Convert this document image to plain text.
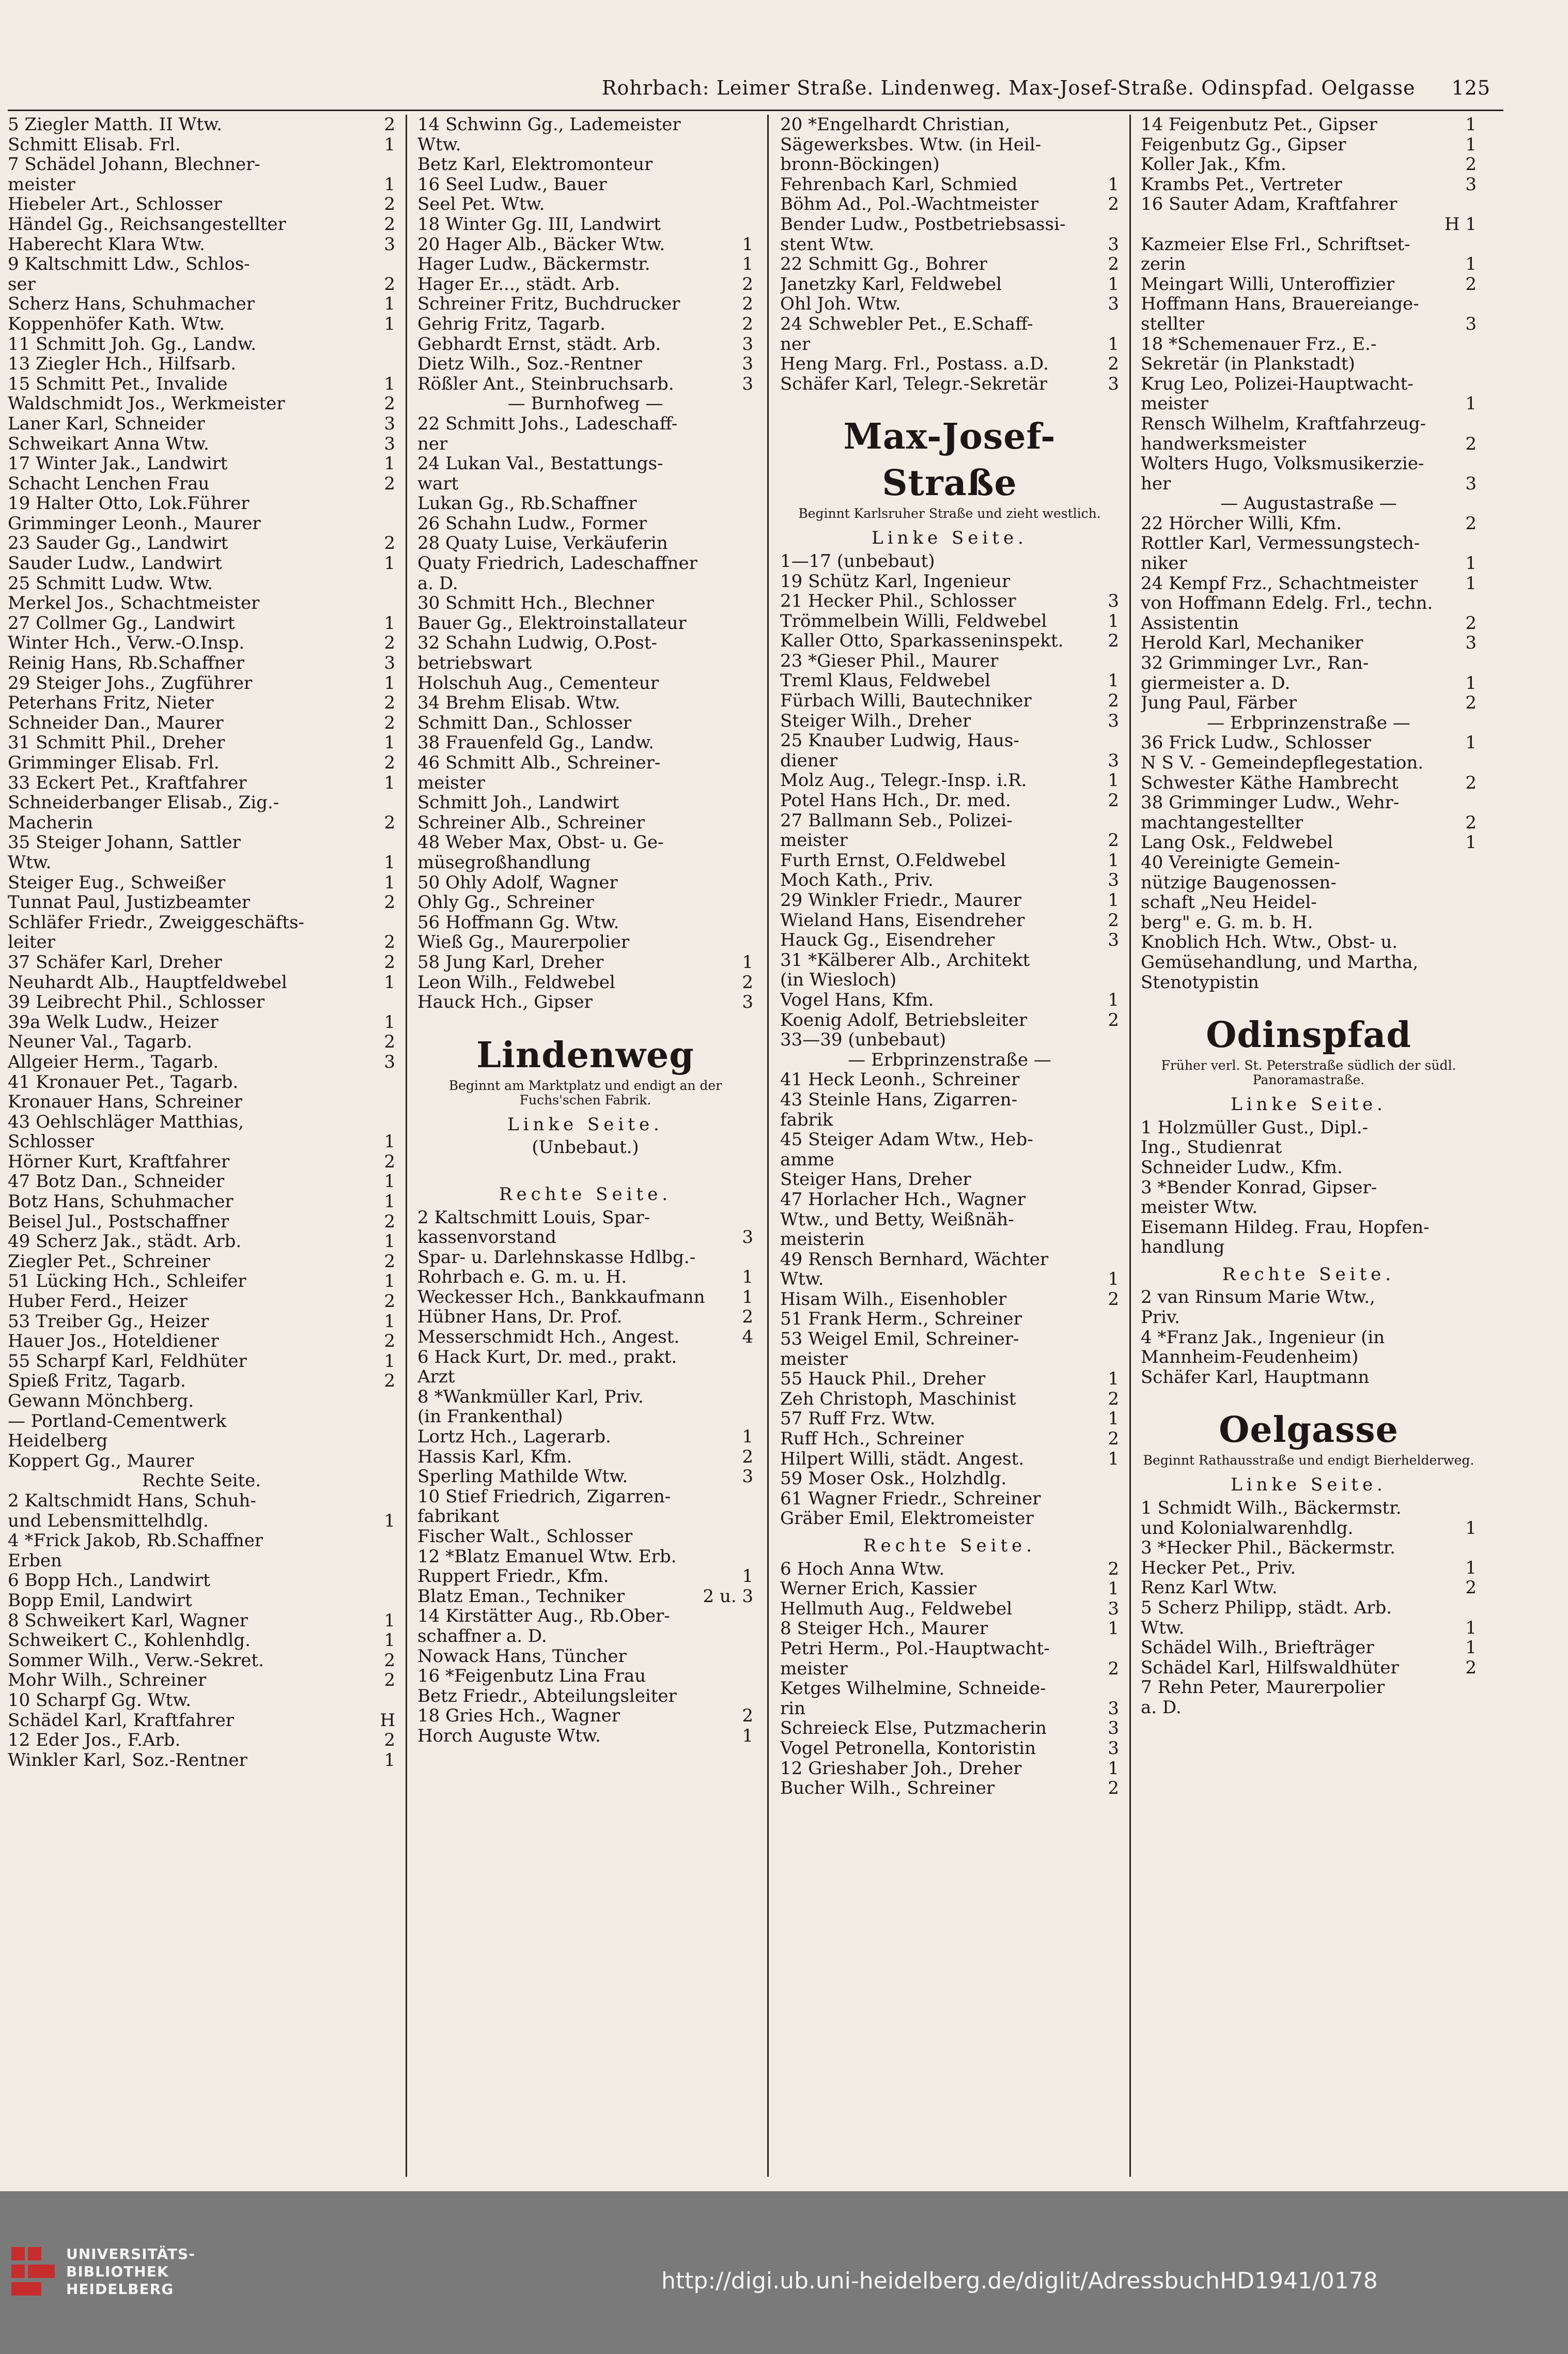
Rohrbach: Leimer Straße. Lindenweg. Max-Josef-Straße. Odinspfad. Oelgasse 125
2
5 Ziegler Matth. II Wtw.
1
Schmitt Elisab. Frl.
7 Schädel Johann, Blechner-
1
meister
2
Hiebeler Art., Schlosser
2
Händel Gg., Reichsangestellter
3
Haberecht Klara Wtw.
9 Kaltschmitt Ldw., Schlos-
2
ser
1
Scherz Hans, Schuhmacher
1
Koppenhöfer Kath. Wtw.
11 Schmitt Joh. Gg., Landw.
13 Ziegler Hch., Hilfsarb.
1
15 Schmitt Pet., Invalide
2
Waldschmidt Jos., Werkmeister
3
Laner Karl, Schneider
3
Schweikart Anna Wtw.
1
17 Winter Jak., Landwirt
2
Schacht Lenchen Frau
19 Halter Otto, Lok.Führer
Grimminger Leonh., Maurer
2
23 Sauder Gg., Landwirt
1
Sauder Ludw., Landwirt
25 Schmitt Ludw. Wtw.
Merkel Jos., Schachtmeister
1
27 Collmer Gg., Landwirt
2
Winter Hch., Verw.-O.Insp.
3
Reinig Hans, Rb.Schaffner
1
29 Steiger Johs., Zugführer
2
Peterhans Fritz, Nieter
2
Schneider Dan., Maurer
1
31 Schmitt Phil., Dreher
2
Grimminger Elisab. Frl.
1
33 Eckert Pet., Kraftfahrer
Schneiderbanger Elisab., Zig.-
2
Macherin
35 Steiger Johann, Sattler
1
Wtw.
1
Steiger Eug., Schweißer
2
Tunnat Paul, Justizbeamter
Schläfer Friedr., Zweiggeschäfts-
2
leiter
2
37 Schäfer Karl, Dreher
1
Neuhardt Alb., Hauptfeldwebel
39 Leibrecht Phil., Schlosser
1
39a Welk Ludw., Heizer
2
Neuner Val., Tagarb.
3
Allgeier Herm., Tagarb.
41 Kronauer Pet., Tagarb.
Kronauer Hans, Schreiner
43 Oehlschläger Matthias,
1
Schlosser
2
Hörner Kurt, Kraftfahrer
1
47 Botz Dan., Schneider
1
Botz Hans, Schuhmacher
2
Beisel Jul., Postschaffner
1
49 Scherz Jak., städt. Arb.
2
Ziegler Pet., Schreiner
1
51 Lücking Hch., Schleifer
2
Huber Ferd., Heizer
1
53 Treiber Gg., Heizer
2
Hauer Jos., Hoteldiener
1
55 Scharpf Karl, Feldhüter
2
Spieß Fritz, Tagarb.
Gewann Mönchberg.
— Portland-Cementwerk
Heidelberg
Koppert Gg., Maurer
Rechte Seite.
2 Kaltschmidt Hans, Schuh-
1
und Lebensmittelhdlg.
4 *Frick Jakob, Rb.Schaffner
Erben
6 Bopp Hch., Landwirt
Bopp Emil, Landwirt
1
8 Schweikert Karl, Wagner
1
Schweikert C., Kohlenhdlg.
2
Sommer Wilh., Verw.-Sekret.
2
Mohr Wilh., Schreiner
10 Scharpf Gg. Wtw.
H
Schädel Karl, Kraftfahrer
2
12 Eder Jos., F.Arb.
1
Winkler Karl, Soz.-Rentner
14 Schwinn Gg., Lademeister
Wtw.
Betz Karl, Elektromonteur
16 Seel Ludw., Bauer
Seel Pet. Wtw.
18 Winter Gg. III, Landwirt
1
20 Hager Alb., Bäcker Wtw.
1
Hager Ludw., Bäckermstr.
2
Hager Er..., städt. Arb.
2
Schreiner Fritz, Buchdrucker
2
Gehrig Fritz, Tagarb.
3
Gebhardt Ernst, städt. Arb.
3
Dietz Wilh., Soz.-Rentner
3
Rößler Ant., Steinbruchsarb.
— Burnhofweg —
22 Schmitt Johs., Ladeschaff-
ner
24 Lukan Val., Bestattungs-
wart
Lukan Gg., Rb.Schaffner
26 Schahn Ludw., Former
28 Quaty Luise, Verkäuferin
Quaty Friedrich, Ladeschaffner
a. D.
30 Schmitt Hch., Blechner
Bauer Gg., Elektroinstallateur
32 Schahn Ludwig, O.Post-
betriebswart
Holschuh Aug., Cementeur
34 Brehm Elisab. Wtw.
Schmitt Dan., Schlosser
38 Frauenfeld Gg., Landw.
46 Schmitt Alb., Schreiner-
meister
Schmitt Joh., Landwirt
Schreiner Alb., Schreiner
48 Weber Max, Obst- u. Ge-
müsegroßhandlung
50 Ohly Adolf, Wagner
Ohly Gg., Schreiner
56 Hoffmann Gg. Wtw.
Wieß Gg., Maurerpolier
1
58 Jung Karl, Dreher
2
Leon Wilh., Feldwebel
3
Hauck Hch., Gipser
Lindenweg
Beginnt am Marktplatz und endigt an der Fuchs'schen Fabrik.
Linke Seite.
(Unbebaut.)
Rechte Seite.
2 Kaltschmitt Louis, Spar-
3
kassenvorstand
Spar- u. Darlehnskasse Hdlbg.-
1
Rohrbach e. G. m. u. H.
1
Weckesser Hch., Bankkaufmann
2
Hübner Hans, Dr. Prof.
4
Messerschmidt Hch., Angest.
6 Hack Kurt, Dr. med., prakt.
Arzt
8 *Wankmüller Karl, Priv.
(in Frankenthal)
1
Lortz Hch., Lagerarb.
2
Hassis Karl, Kfm.
3
Sperling Mathilde Wtw.
10 Stief Friedrich, Zigarren-
fabrikant
Fischer Walt., Schlosser
12 *Blatz Emanuel Wtw. Erb.
1
Ruppert Friedr., Kfm.
2 u. 3
Blatz Eman., Techniker
14 Kirstätter Aug., Rb.Ober-
schaffner a. D.
Nowack Hans, Tüncher
16 *Feigenbutz Lina Frau
Betz Friedr., Abteilungsleiter
2
18 Gries Hch., Wagner
1
Horch Auguste Wtw.
20 *Engelhardt Christian,
Sägewerksbes. Wtw. (in Heil-
bronn-Böckingen)
1
Fehrenbach Karl, Schmied
2
Böhm Ad., Pol.-Wachtmeister
Bender Ludw., Postbetriebsassi-
3
stent Wtw.
2
22 Schmitt Gg., Bohrer
1
Janetzky Karl, Feldwebel
3
Ohl Joh. Wtw.
24 Schwebler Pet., E.Schaff-
1
ner
2
Heng Marg. Frl., Postass. a.D.
3
Schäfer Karl, Telegr.-Sekretär
Max-Josef-Straße
Beginnt Karlsruher Straße und zieht westlich.
Linke Seite.
1—17 (unbebaut)
19 Schütz Karl, Ingenieur
3
21 Hecker Phil., Schlosser
1
Trömmelbein Willi, Feldwebel
2
Kaller Otto, Sparkasseninspekt.
23 *Gieser Phil., Maurer
1
Treml Klaus, Feldwebel
2
Fürbach Willi, Bautechniker
3
Steiger Wilh., Dreher
25 Knauber Ludwig, Haus-
3
diener
1
Molz Aug., Telegr.-Insp. i.R.
2
Potel Hans Hch., Dr. med.
27 Ballmann Seb., Polizei-
2
meister
1
Furth Ernst, O.Feldwebel
3
Moch Kath., Priv.
1
29 Winkler Friedr., Maurer
2
Wieland Hans, Eisendreher
3
Hauck Gg., Eisendreher
31 *Kälberer Alb., Architekt
(in Wiesloch)
1
Vogel Hans, Kfm.
2
Koenig Adolf, Betriebsleiter
33—39 (unbebaut)
— Erbprinzenstraße —
41 Heck Leonh., Schreiner
43 Steinle Hans, Zigarren-
fabrik
45 Steiger Adam Wtw., Heb-
amme
Steiger Hans, Dreher
47 Horlacher Hch., Wagner
Wtw., und Betty, Weißnäh-
meisterin
49 Rensch Bernhard, Wächter
1
Wtw.
2
Hisam Wilh., Eisenhobler
51 Frank Herm., Schreiner
53 Weigel Emil, Schreiner-
meister
1
55 Hauck Phil., Dreher
2
Zeh Christoph, Maschinist
1
57 Ruff Frz. Wtw.
2
Ruff Hch., Schreiner
1
Hilpert Willi, städt. Angest.
59 Moser Osk., Holzhdlg.
61 Wagner Friedr., Schreiner
Gräber Emil, Elektromeister
Rechte Seite.
2
6 Hoch Anna Wtw.
1
Werner Erich, Kassier
3
Hellmuth Aug., Feldwebel
1
8 Steiger Hch., Maurer
Petri Herm., Pol.-Hauptwacht-
2
meister
Ketges Wilhelmine, Schneide-
3
rin
3
Schreieck Else, Putzmacherin
3
Vogel Petronella, Kontoristin
1
12 Grieshaber Joh., Dreher
2
Bucher Wilh., Schreiner
1
14 Feigenbutz Pet., Gipser
1
Feigenbutz Gg., Gipser
2
Koller Jak., Kfm.
3
Krambs Pet., Vertreter
16 Sauter Adam, Kraftfahrer
H 1
Kazmeier Else Frl., Schriftset-
1
zerin
2
Meingart Willi, Unteroffizier
Hoffmann Hans, Brauereiange-
3
stellter
18 *Schemenauer Frz., E.-
Sekretär (in Plankstadt)
Krug Leo, Polizei-Hauptwacht-
1
meister
Rensch Wilhelm, Kraftfahrzeug-
2
handwerksmeister
Wolters Hugo, Volksmusikerzie-
3
her
— Augustastraße —
2
22 Hörcher Willi, Kfm.
Rottler Karl, Vermessungstech-
1
niker
1
24 Kempf Frz., Schachtmeister
von Hoffmann Edelg. Frl., techn.
2
Assistentin
3
Herold Karl, Mechaniker
32 Grimminger Lvr., Ran-
1
giermeister a. D.
2
Jung Paul, Färber
— Erbprinzenstraße —
1
36 Frick Ludw., Schlosser
N S V. - Gemeindepflegestation.
2
Schwester Käthe Hambrecht
38 Grimminger Ludw., Wehr-
2
machtangestellter
1
Lang Osk., Feldwebel
40 Vereinigte Gemein-
nützige Baugenossen-
schaft „Neu Heidel-
berg" e. G. m. b. H.
Knoblich Hch. Wtw., Obst- u.
Gemüsehandlung, und Martha,
Stenotypistin
Odinspfad
Früher verl. St. Peterstraße südlich der südl. Panoramastraße.
Linke Seite.
1 Holzmüller Gust., Dipl.-
Ing., Studienrat
Schneider Ludw., Kfm.
3 *Bender Konrad, Gipser-
meister Wtw.
Eisemann Hildeg. Frau, Hopfen-
handlung
Rechte Seite.
2 van Rinsum Marie Wtw.,
Priv.
4 *Franz Jak., Ingenieur (in
Mannheim-Feudenheim)
Schäfer Karl, Hauptmann
Oelgasse
Beginnt Rathausstraße und endigt Bierhelderweg.
Linke Seite.
1 Schmidt Wilh., Bäckermstr.
1
und Kolonialwarenhdlg.
3 *Hecker Phil., Bäckermstr.
1
Hecker Pet., Priv.
2
Renz Karl Wtw.
5 Scherz Philipp, städt. Arb.
1
Wtw.
1
Schädel Wilh., Briefträger
2
Schädel Karl, Hilfswaldhüter
7 Rehn Peter, Maurerpolier
a. D.
UNIVERSITÄTS-
BIBLIOTHEK
HEIDELBERG	http://digi.ub.uni-heidelberg.de/diglit/AdressbuchHD1941/0178
